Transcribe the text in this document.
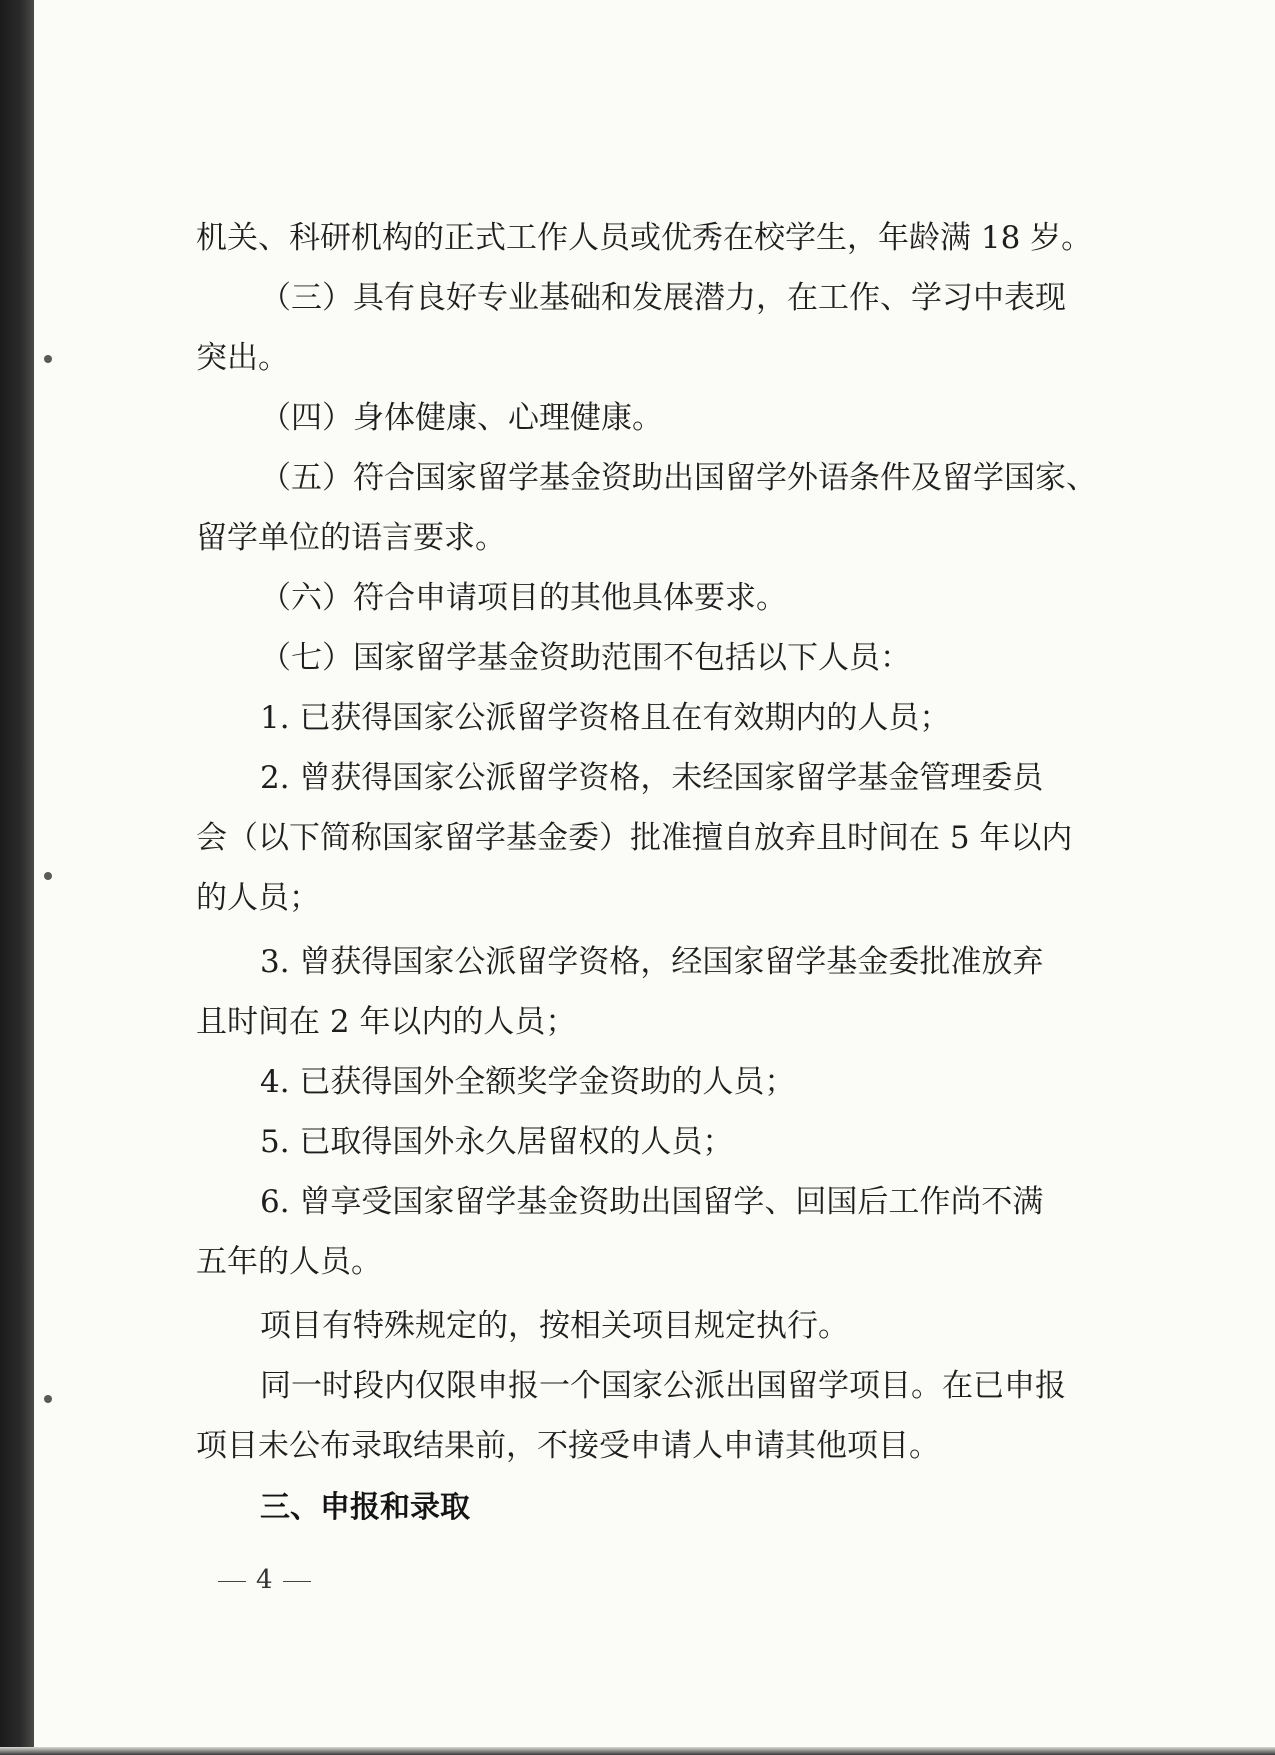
机关、科研机构的正式工作人员或优秀在校学生，年龄满 18 岁。
（三）具有良好专业基础和发展潜力，在工作、学习中表现
突出。
（四）身体健康、心理健康。
（五）符合国家留学基金资助出国留学外语条件及留学国家、
留学单位的语言要求。
（六）符合申请项目的其他具体要求。
（七）国家留学基金资助范围不包括以下人员：
1. 已获得国家公派留学资格且在有效期内的人员；
2. 曾获得国家公派留学资格，未经国家留学基金管理委员
会（以下简称国家留学基金委）批准擅自放弃且时间在 5 年以内
的人员；
3. 曾获得国家公派留学资格，经国家留学基金委批准放弃
且时间在 2 年以内的人员；
4. 已获得国外全额奖学金资助的人员；
5. 已取得国外永久居留权的人员；
6. 曾享受国家留学基金资助出国留学、回国后工作尚不满
五年的人员。
项目有特殊规定的，按相关项目规定执行。
同一时段内仅限申报一个国家公派出国留学项目。在已申报
项目未公布录取结果前，不接受申请人申请其他项目。
三、申报和录取
4
